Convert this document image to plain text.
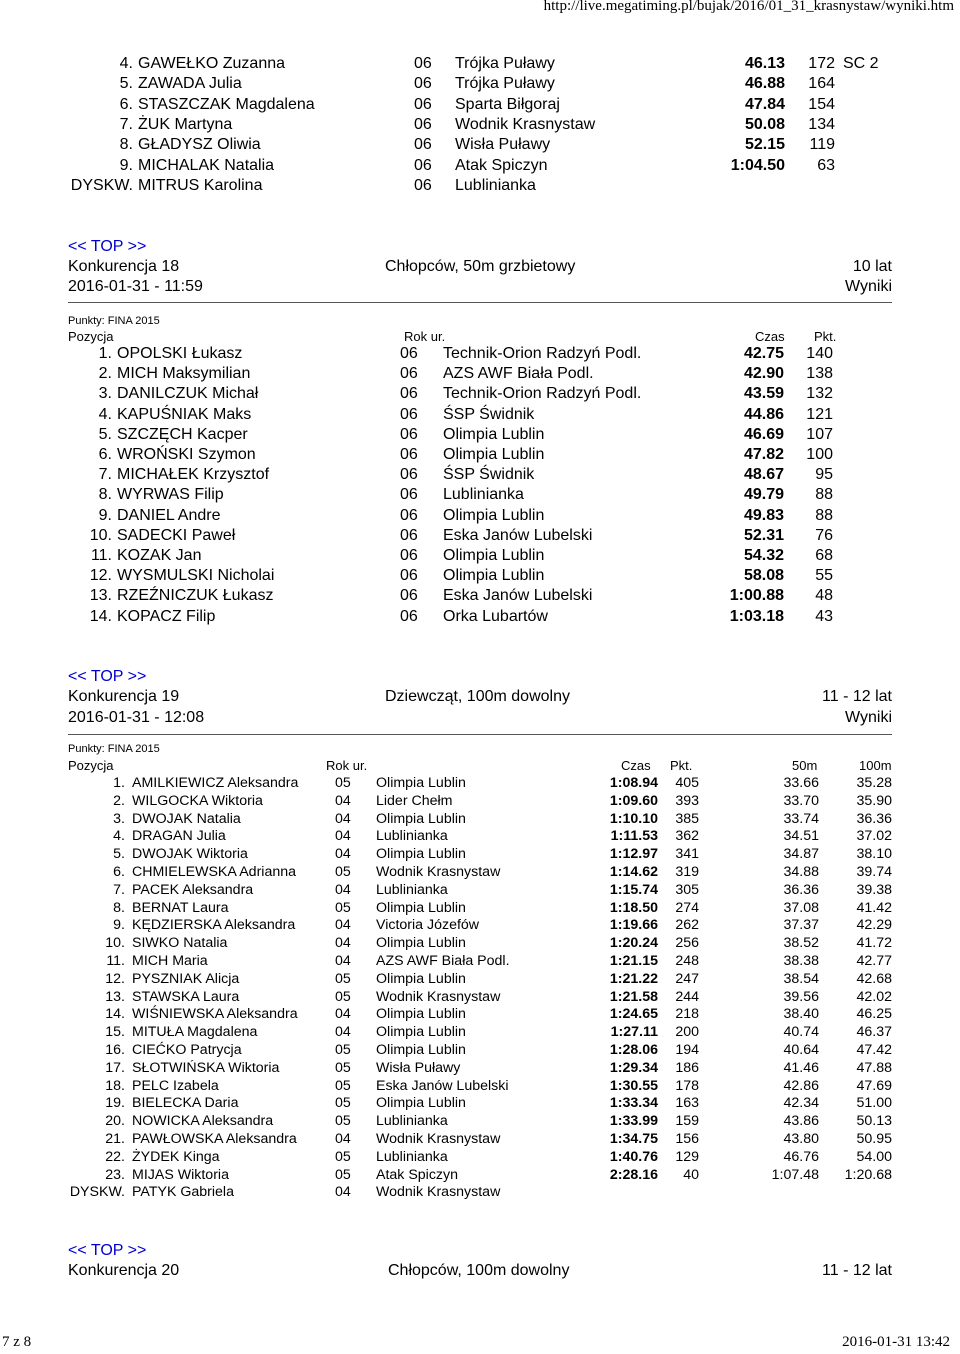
http://live.megatiming.pl/bujak/2016/01_31_krasnystaw/wyniki.htm
7 z 8	2016-01-31 13:42
4. GAWEŁKO Zuzanna	06 Trójka Puławy	46.13 172 SC 2
5. ZAWADA Julia	06 Trójka Puławy	46.88 164
6. STASZCZAK Magdalena	06 Sparta Biłgoraj	47.84 154
7. ŻUK Martyna	06 Wodnik Krasnystaw	50.08 134
8. GŁADYSZ Oliwia	06 Wisła Puławy	52.15 119
9. MICHALAK Natalia	06 Atak Spiczyn	1:04.50 63
DYSKW. MITRUS Karolina	06 Lublinianka
<< TOP >>
Konkurencja 18	Chłopców, 50m grzbietowy	10 lat
2016-01-31 - 11:59	Wyniki
Punkty: FINA 2015
Pozycja	Rok ur.	Czas Pkt.
1. OPOLSKI Łukasz	06 Technik-Orion Radzyń Podl.	42.75 140
2. MICH Maksymilian	06 AZS AWF Biała Podl.	42.90 138
3. DANILCZUK Michał	06 Technik-Orion Radzyń Podl.	43.59 132
4. KAPUŚNIAK Maks	06 ŚSP Świdnik	44.86 121
5. SZCZĘCH Kacper	06 Olimpia Lublin	46.69 107
6. WROŃSKI Szymon	06 Olimpia Lublin	47.82 100
7. MICHAŁEK Krzysztof	06 ŚSP Świdnik	48.67 95
8. WYRWAS Filip	06 Lublinianka	49.79 88
9. DANIEL Andre	06 Olimpia Lublin	49.83 88
10. SADECKI Paweł	06 Eska Janów Lubelski	52.31 76
11. KOZAK Jan	06 Olimpia Lublin	54.32 68
12. WYSMULSKI Nicholai	06 Olimpia Lublin	58.08 55
13. RZEŹNICZUK Łukasz	06 Eska Janów Lubelski	1:00.88 48
14. KOPACZ Filip	06 Orka Lubartów	1:03.18 43
<< TOP >>
Konkurencja 19	Dziewcząt, 100m dowolny	11 - 12 lat
2016-01-31 - 12:08	Wyniki
Punkty: FINA 2015
Pozycja	Rok ur.	Czas Pkt.	50m	100m
1. AMILKIEWICZ Aleksandra	05 Olimpia Lublin	1:08.94 405	33.66	35.28
2. WILGOCKA Wiktoria	04 Lider Chełm	1:09.60 393	33.70	35.90
3. DWOJAK Natalia	04 Olimpia Lublin	1:10.10 385	33.74	36.36
4. DRAGAN Julia	04 Lublinianka	1:11.53 362	34.51	37.02
5. DWOJAK Wiktoria	04 Olimpia Lublin	1:12.97 341	34.87	38.10
6. CHMIELEWSKA Adrianna	05 Wodnik Krasnystaw	1:14.62 319	34.88	39.74
7. PACEK Aleksandra	04 Lublinianka	1:15.74 305	36.36	39.38
8. BERNAT Laura	05 Olimpia Lublin	1:18.50 274	37.08	41.42
9. KĘDZIERSKA Aleksandra	04 Victoria Józefów	1:19.66 262	37.37	42.29
10. SIWKO Natalia	04 Olimpia Lublin	1:20.24 256	38.52	41.72
11. MICH Maria	04 AZS AWF Biała Podl.	1:21.15 248	38.38	42.77
12. PYSZNIAK Alicja	05 Olimpia Lublin	1:21.22 247	38.54	42.68
13. STAWSKA Laura	05 Wodnik Krasnystaw	1:21.58 244	39.56	42.02
14. WIŚNIEWSKA Aleksandra	04 Olimpia Lublin	1:24.65 218	38.40	46.25
15. MITUŁA Magdalena	04 Olimpia Lublin	1:27.11 200	40.74	46.37
16. CIEĆKO Patrycja	05 Olimpia Lublin	1:28.06 194	40.64	47.42
17. SŁOTWIŃSKA Wiktoria	05 Wisła Puławy	1:29.34 186	41.46	47.88
18. PELC Izabela	05 Eska Janów Lubelski	1:30.55 178	42.86	47.69
19. BIELECKA Daria	05 Olimpia Lublin	1:33.34 163	42.34	51.00
20. NOWICKA Aleksandra	05 Lublinianka	1:33.99 159	43.86	50.13
21. PAWŁOWSKA Aleksandra	04 Wodnik Krasnystaw	1:34.75 156	43.80	50.95
22. ŻYDEK Kinga	05 Lublinianka	1:40.76 129	46.76	54.00
23. MIJAS Wiktoria	05 Atak Spiczyn	2:28.16 40	1:07.48 1:20.68
DYSKW. PATYK Gabriela	04 Wodnik Krasnystaw
<< TOP >>
Konkurencja 20	Chłopców, 100m dowolny	11 - 12 lat
